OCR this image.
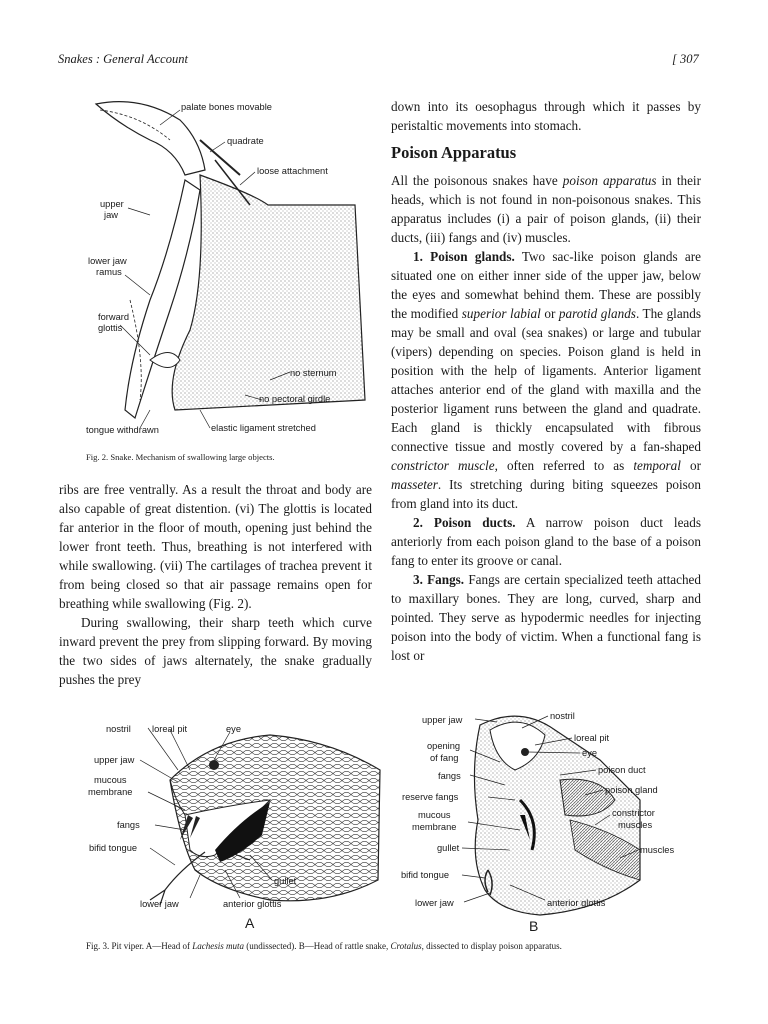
Snakes : General Account	[ 307
palate bones movable
quadrate
loose attachment
upper
jaw
lower jaw
ramus
forward
glottis
no sternum
no pectoral girdle
tongue withdrawn	elastic ligament stretched
nostril loreal pit	eye
upper jaw
mucous
membrane
fangs
bifid tongue
gullet
lower jaw	anterior glottis
A
upper jaw	nostril
loreal pit
opening
of fang	eye
fangs
poison duct
reserve fangs
poison gland
mucous
membrane
constrictor
muscles
gullet	muscles
bifid tongue
lower jaw	anterior glottis
B
Fig. 2. Snake. Mechanism of swallowing large objects.

ribs are free ventrally. As a result the throat and body are also capable of great distention. (vi) The glottis is located far anterior in the floor of mouth, opening just behind the lower front teeth. Thus, breathing is not interfered with while swallowing. (vii) The cartilages of trachea prevent it from being closed so that air passage remains open for breathing while swallowing (Fig. 2).

During swallowing, their sharp teeth which curve inward prevent the prey from slipping forward. By moving the two sides of jaws alternately, the snake gradually pushes the prey

down into its oesophagus through which it passes by peristaltic movements into stomach.

Poison Apparatus

All the poisonous snakes have poison apparatus in their heads, which is not found in non-poisonous snakes. This apparatus includes (i) a pair of poison glands, (ii) their ducts, (iii) fangs and (iv) muscles.

1. Poison glands. Two sac-like poison glands are situated one on either inner side of the upper jaw, below the eyes and somewhat behind them. These are possibly the modified superior labial or parotid glands. The glands may be small and oval (sea snakes) or large and tubular (vipers) depending on species. Poison gland is held in position with the help of ligaments. Anterior ligament attaches anterior end of the gland with maxilla and the posterior ligament runs between the gland and quadrate. Each gland is thickly encapsulated with fibrous connective tissue and mostly covered by a fan-shaped constrictor muscle, often referred to as temporal or masseter. Its stretching during biting squeezes poison from gland into its duct.

2. Poison ducts. A narrow poison duct leads anteriorly from each poison gland to the base of a poison fang to enter its groove or canal.

3. Fangs. Fangs are certain specialized teeth attached to maxillary bones. They are long, curved, sharp and pointed. They serve as hypodermic needles for injecting poison into the body of victim. When a functional fang is lost or

Fig. 3. Pit viper. A—Head of Lachesis muta (undissected). B—Head of rattle snake, Crotalus, dissected to display poison apparatus.
